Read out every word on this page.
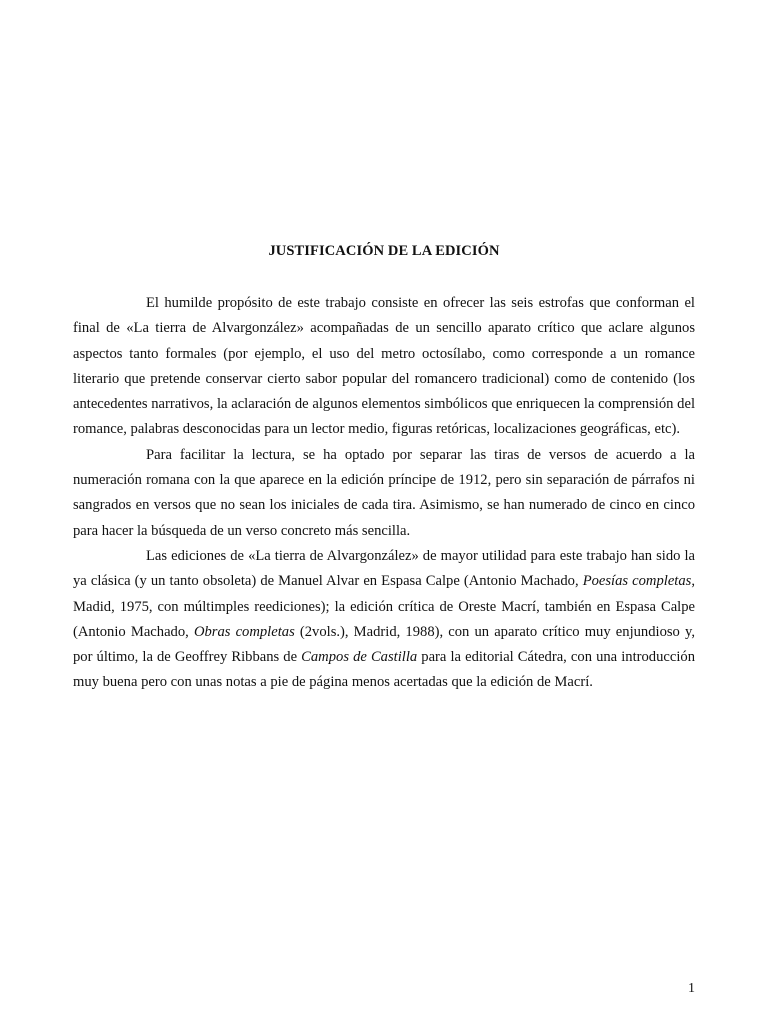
JUSTIFICACIÓN DE LA EDICIÓN

El humilde propósito de este trabajo consiste en ofrecer las seis estrofas que conforman el final de «La tierra de Alvargonzález» acompañadas de un sencillo aparato crítico que aclare algunos aspectos tanto formales (por ejemplo, el uso del metro octosílabo, como corresponde a un romance literario que pretende conservar cierto sabor popular del romancero tradicional) como de contenido (los antecedentes narrativos, la aclaración de algunos elementos simbólicos que enriquecen la comprensión del romance, palabras desconocidas para un lector medio, figuras retóricas, localizaciones geográficas, etc).

Para facilitar la lectura, se ha optado por separar las tiras de versos de acuerdo a la numeración romana con la que aparece en la edición príncipe de 1912, pero sin separación de párrafos ni sangrados en versos que no sean los iniciales de cada tira. Asimismo, se han numerado de cinco en cinco para hacer la búsqueda de un verso concreto más sencilla.

Las ediciones de «La tierra de Alvargonzález» de mayor utilidad para este trabajo han sido la ya clásica (y un tanto obsoleta) de Manuel Alvar en Espasa Calpe (Antonio Machado, Poesías completas, Madid, 1975, con múltimples reediciones); la edición crítica de Oreste Macrí, también en Espasa Calpe (Antonio Machado, Obras completas (2vols.), Madrid, 1988), con un aparato crítico muy enjundioso y, por último, la de Geoffrey Ribbans de Campos de Castilla para la editorial Cátedra, con una introducción muy buena pero con unas notas a pie de página menos acertadas que la edición de Macrí.

1
